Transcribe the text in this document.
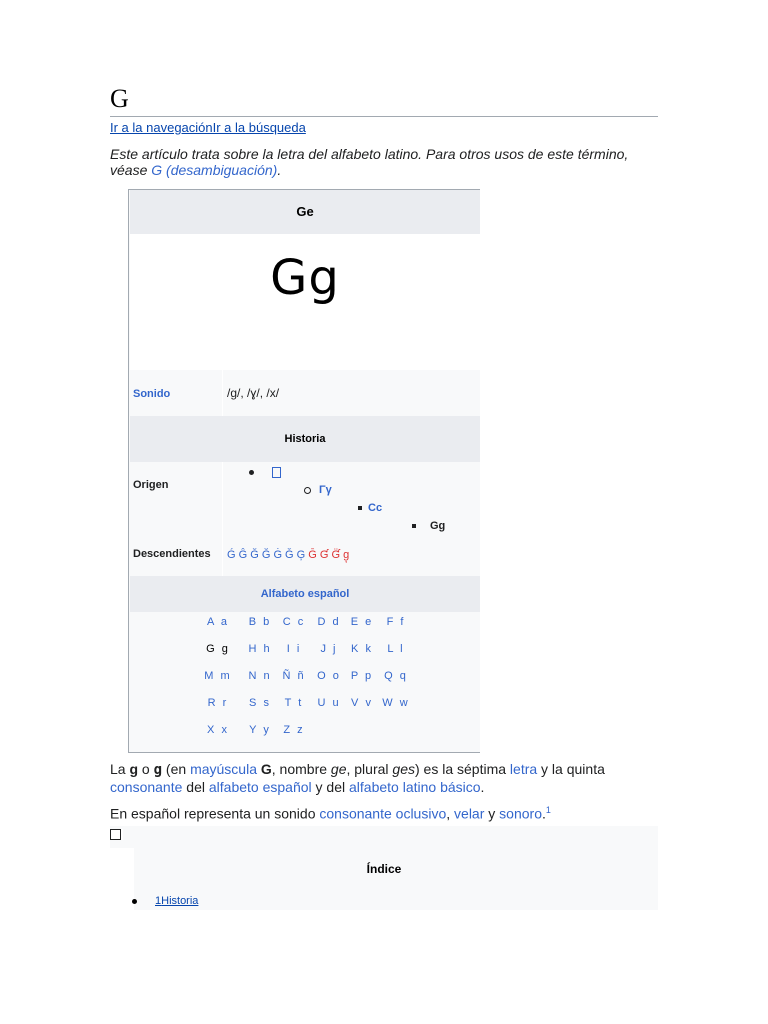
G
Ir a la navegaciónIr a la búsqueda
Este artículo trata sobre la letra del alfabeto latino. Para otros usos de este término, véase G (desambiguación).
Ge
Gg
Sonido	/ɡ/, /ɣ/, /x/
Historia
Origen	Γγ
Cc
Gg
Descendientes Ǵ Ĝ Ğ Ğ Ġ Ǧ Ģ Ḡ Ɠ Ɠ̈ ɡ̦
Alfabeto español
A a	B b	C c	D d E e	F f
G g	H h	I i	J j	K k	L l
M m	N n Ñ ñ	O o P p Q q
R r	S s	T t	U u V v W w
X x	Y y	Z z
La g o g (en mayúscula G, nombre ge, plural ges) es la séptima letra y la quinta consonante del alfabeto español y del alfabeto latino básico.
En español representa un sonido consonante oclusivo, velar y sonoro.$^1$
Índice
1Historia
